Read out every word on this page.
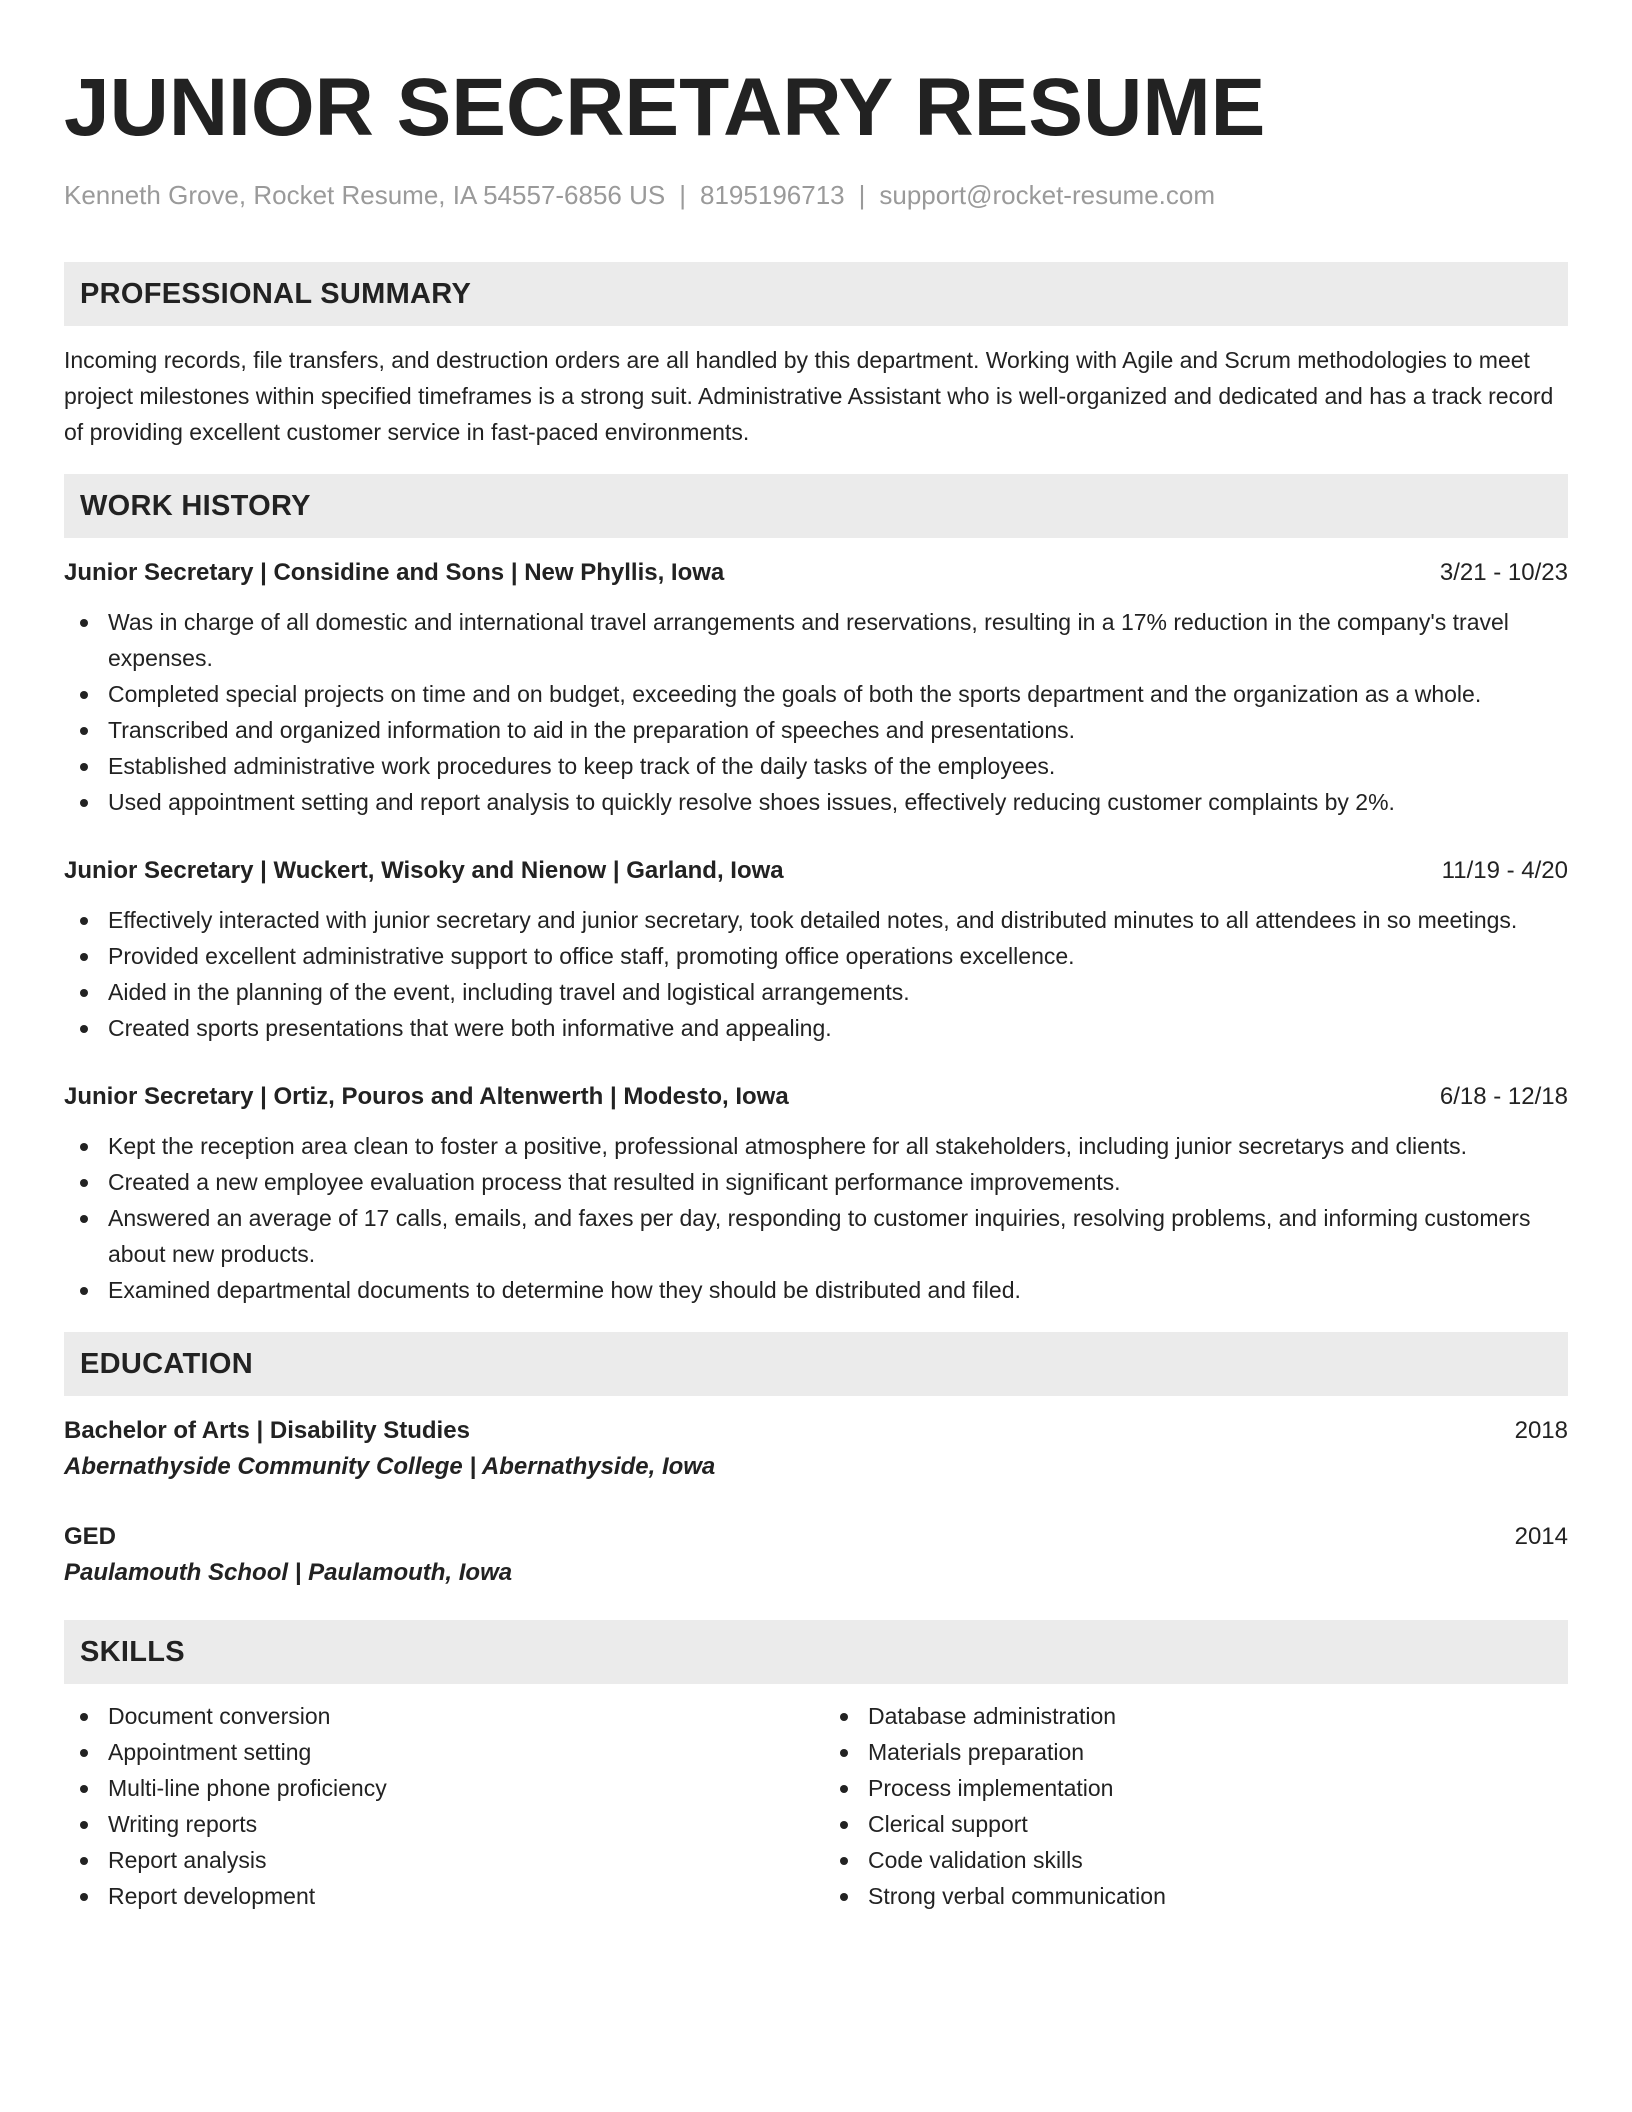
JUNIOR SECRETARY RESUME
Kenneth Grove, Rocket Resume, IA 54557-6856 US | 8195196713 | support@rocket-resume.com
PROFESSIONAL SUMMARY

Incoming records, file transfers, and destruction orders are all handled by this department. Working with Agile and Scrum methodologies to meet project milestones within specified timeframes is a strong suit. Administrative Assistant who is well-organized and dedicated and has a track record of providing excellent customer service in fast-paced environments.

WORK HISTORY
Junior Secretary | Considine and Sons | New Phyllis, Iowa	3/21 - 10/23
Was in charge of all domestic and international travel arrangements and reservations, resulting in a 17% reduction in the company's travel expenses.
Completed special projects on time and on budget, exceeding the goals of both the sports department and the organization as a whole.
Transcribed and organized information to aid in the preparation of speeches and presentations.
Established administrative work procedures to keep track of the daily tasks of the employees.
Used appointment setting and report analysis to quickly resolve shoes issues, effectively reducing customer complaints by 2%.
Junior Secretary | Wuckert, Wisoky and Nienow | Garland, Iowa	11/19 - 4/20
Effectively interacted with junior secretary and junior secretary, took detailed notes, and distributed minutes to all attendees in so meetings.
Provided excellent administrative support to office staff, promoting office operations excellence.
Aided in the planning of the event, including travel and logistical arrangements.
Created sports presentations that were both informative and appealing.
Junior Secretary | Ortiz, Pouros and Altenwerth | Modesto, Iowa	6/18 - 12/18
Kept the reception area clean to foster a positive, professional atmosphere for all stakeholders, including junior secretarys and clients.
Created a new employee evaluation process that resulted in significant performance improvements.
Answered an average of 17 calls, emails, and faxes per day, responding to customer inquiries, resolving problems, and informing customers about new products.
Examined departmental documents to determine how they should be distributed and filed.
EDUCATION
Bachelor of Arts | Disability Studies	2018
Abernathyside Community College | Abernathyside, Iowa
GED	2014
Paulamouth School | Paulamouth, Iowa
SKILLS
Document conversion
Appointment setting
Multi-line phone proficiency
Writing reports
Report analysis
Report development
Database administration
Materials preparation
Process implementation
Clerical support
Code validation skills
Strong verbal communication
